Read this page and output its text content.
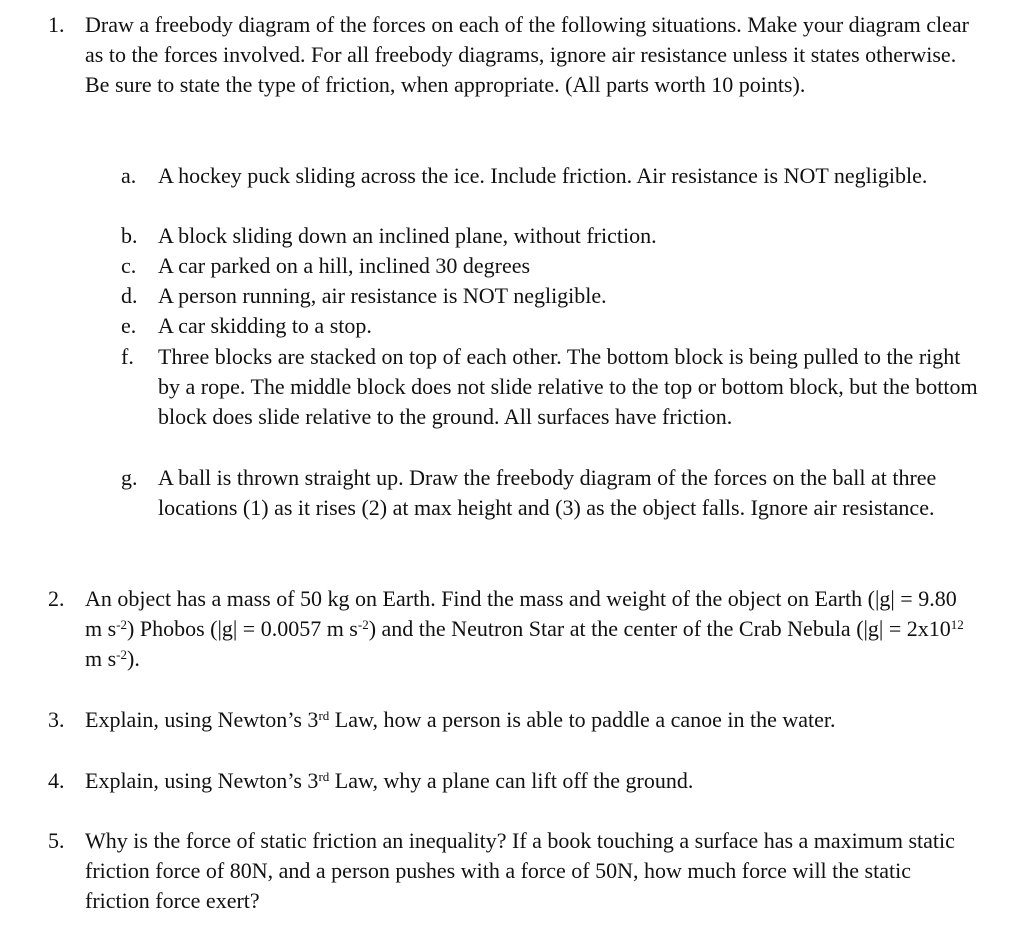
1. Draw a freebody diagram of the forces on each of the following situations. Make your diagram clear as to the forces involved. For all freebody diagrams, ignore air resistance unless it states otherwise. Be sure to state the type of friction, when appropriate. (All parts worth 10 points).
a. A hockey puck sliding across the ice. Include friction. Air resistance is NOT negligible.
b. A block sliding down an inclined plane, without friction.
c. A car parked on a hill, inclined 30 degrees
d. A person running, air resistance is NOT negligible.
e. A car skidding to a stop.
f. Three blocks are stacked on top of each other. The bottom block is being pulled to the right by a rope. The middle block does not slide relative to the top or bottom block, but the bottom block does slide relative to the ground. All surfaces have friction.
g. A ball is thrown straight up. Draw the freebody diagram of the forces on the ball at three locations (1) as it rises (2) at max height and (3) as the object falls. Ignore air resistance.
2. An object has a mass of 50 kg on Earth. Find the mass and weight of the object on Earth (|g| = 9.80 m $s^{-2}$) Phobos (|g| = 0.0057 m $s^{-2}$) and the Neutron Star at the center of the Crab Nebula ($|g| = 2x10^{12}$ m $s^{-2}$).
3. Explain, using Newton’s 3rd Law, how a person is able to paddle a canoe in the water.
4. Explain, using Newton’s 3rd Law, why a plane can lift off the ground.
5. Why is the force of static friction an inequality? If a book touching a surface has a maximum static friction force of 80N, and a person pushes with a force of 50N, how much force will the static friction force exert?
